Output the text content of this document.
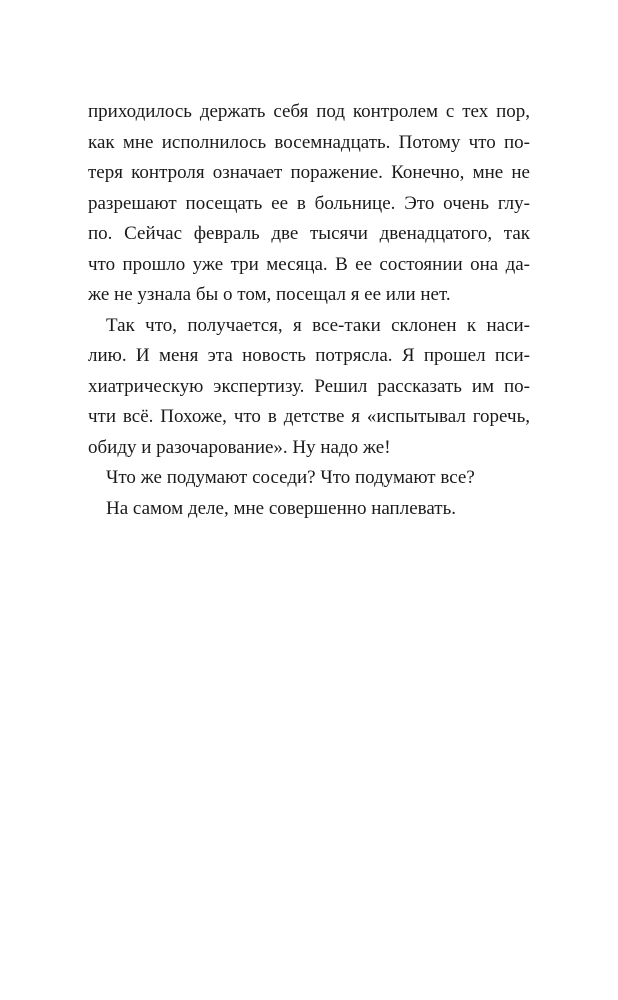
приходилось держать себя под контролем с тех пор,
как мне исполнилось восемнадцать. Потому что по-
теря контроля означает поражение. Конечно, мне не
разрешают посещать ее в больнице. Это очень глу-
по. Сейчас февраль две тысячи двенадцатого, так
что прошло уже три месяца. В ее состоянии она да-
же не узнала бы о том, посещал я ее или нет.

Так что, получается, я все-таки склонен к наси-
лию. И меня эта новость потрясла. Я прошел пси-
хиатрическую экспертизу. Решил рассказать им по-
чти всё. Похоже, что в детстве я «испытывал горечь,
обиду и разочарование». Ну надо же!

Что же подумают соседи? Что подумают все?

На самом деле, мне совершенно наплевать.
